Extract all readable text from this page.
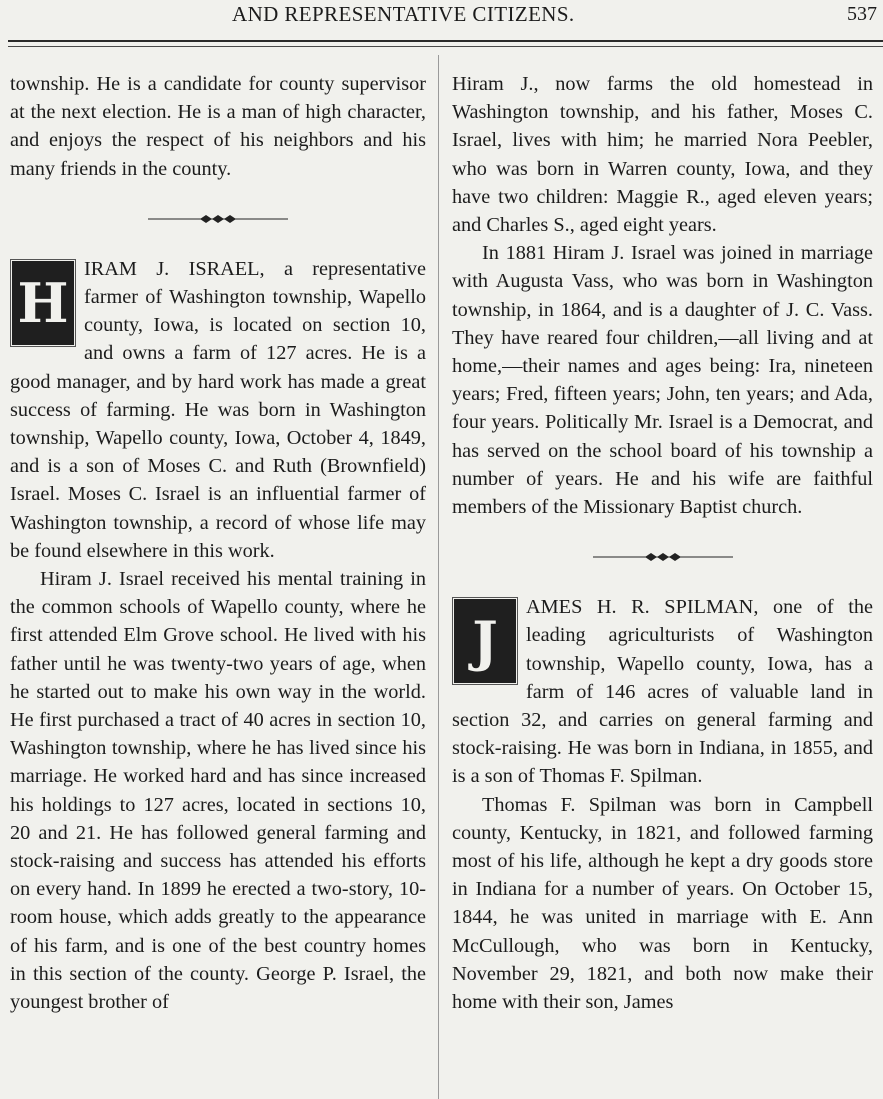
AND REPRESENTATIVE CITIZENS.	537

township. He is a candidate for county supervisor at the next election. He is a man of high character, and enjoys the respect of his neighbors and his many friends in the county.

H
IRAM J. ISRAEL, a representative farmer of Washington township, Wapello county, Iowa, is located on section 10, and owns a farm of 127 acres. He is a good manager, and by hard work has made a great success of farming. He was born in Washington township, Wapello county, Iowa, October 4, 1849, and is a son of Moses C. and Ruth (Brownfield) Israel. Moses C. Israel is an influential farmer of Washington township, a record of whose life may be found elsewhere in this work.

Hiram J. Israel received his mental training in the common schools of Wapello county, where he first attended Elm Grove school. He lived with his father until he was twenty-two years of age, when he started out to make his own way in the world. He first purchased a tract of 40 acres in section 10, Washington township, where he has lived since his marriage. He worked hard and has since increased his holdings to 127 acres, located in sections 10, 20 and 21. He has followed general farming and stock-raising and success has attended his efforts on every hand. In 1899 he erected a two-story, 10-room house, which adds greatly to the appearance of his farm, and is one of the best country homes in this section of the county. George P. Israel, the youngest brother of

Hiram J., now farms the old homestead in Washington township, and his father, Moses C. Israel, lives with him; he married Nora Peebler, who was born in Warren county, Iowa, and they have two children: Maggie R., aged eleven years; and Charles S., aged eight years.

In 1881 Hiram J. Israel was joined in marriage with Augusta Vass, who was born in Washington township, in 1864, and is a daughter of J. C. Vass. They have reared four children,—all living and at home,—their names and ages being: Ira, nineteen years; Fred, fifteen years; John, ten years; and Ada, four years. Politically Mr. Israel is a Democrat, and has served on the school board of his township a number of years. He and his wife are faithful members of the Missionary Baptist church.

J
AMES H. R. SPILMAN, one of the leading agriculturists of Washington township, Wapello county, Iowa, has a farm of 146 acres of valuable land in section 32, and carries on general farming and stock-raising. He was born in Indiana, in 1855, and is a son of Thomas F. Spilman.

Thomas F. Spilman was born in Campbell county, Kentucky, in 1821, and followed farming most of his life, although he kept a dry goods store in Indiana for a number of years. On October 15, 1844, he was united in marriage with E. Ann McCullough, who was born in Kentucky, November 29, 1821, and both now make their home with their son, James
